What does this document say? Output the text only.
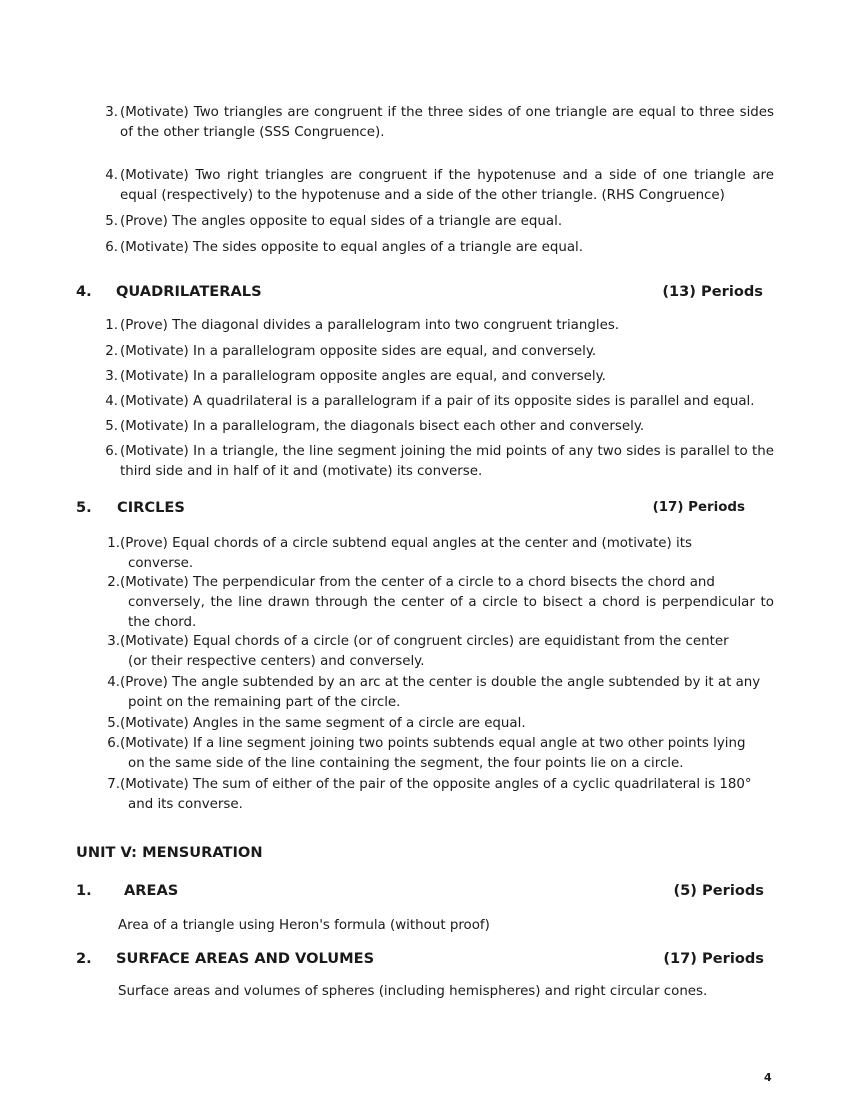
3. (Motivate) Two triangles are congruent if the three sides of one triangle are equal to three sides of the other triangle (SSS Congruence).
4. (Motivate) Two right triangles are congruent if the hypotenuse and a side of one triangle are equal (respectively) to the hypotenuse and a side of the other triangle. (RHS Congruence)
5. (Prove) The angles opposite to equal sides of a triangle are equal.
6. (Motivate) The sides opposite to equal angles of a triangle are equal.
4. QUADRILATERALS	(13) Periods
1. (Prove) The diagonal divides a parallelogram into two congruent triangles.
2. (Motivate) In a parallelogram opposite sides are equal, and conversely.
3. (Motivate) In a parallelogram opposite angles are equal, and conversely.
4. (Motivate) A quadrilateral is a parallelogram if a pair of its opposite sides is parallel and equal.
5. (Motivate) In a parallelogram, the diagonals bisect each other and conversely.
6. (Motivate) In a triangle, the line segment joining the mid points of any two sides is parallel to the third side and in half of it and (motivate) its converse.
5. CIRCLES	(17) Periods
1. (Prove) Equal chords of a circle subtend equal angles at the center and (motivate) its
converse.
2. (Motivate) The perpendicular from the center of a circle to a chord bisects the chord and
conversely, the line drawn through the center of a circle to bisect a chord is perpendicular to the chord.
3. (Motivate) Equal chords of a circle (or of congruent circles) are equidistant from the center
(or their respective centers) and conversely.
4. (Prove) The angle subtended by an arc at the center is double the angle subtended by it at any
point on the remaining part of the circle.
5. (Motivate) Angles in the same segment of a circle are equal.
6. (Motivate) If a line segment joining two points subtends equal angle at two other points lying
on the same side of the line containing the segment, the four points lie on a circle.
7. (Motivate) The sum of either of the pair of the opposite angles of a cyclic quadrilateral is 180°
and its converse.
UNIT V: MENSURATION
1. AREAS	(5) Periods
Area of a triangle using Heron's formula (without proof)
2. SURFACE AREAS AND VOLUMES	(17) Periods
Surface areas and volumes of spheres (including hemispheres) and right circular cones.
4
